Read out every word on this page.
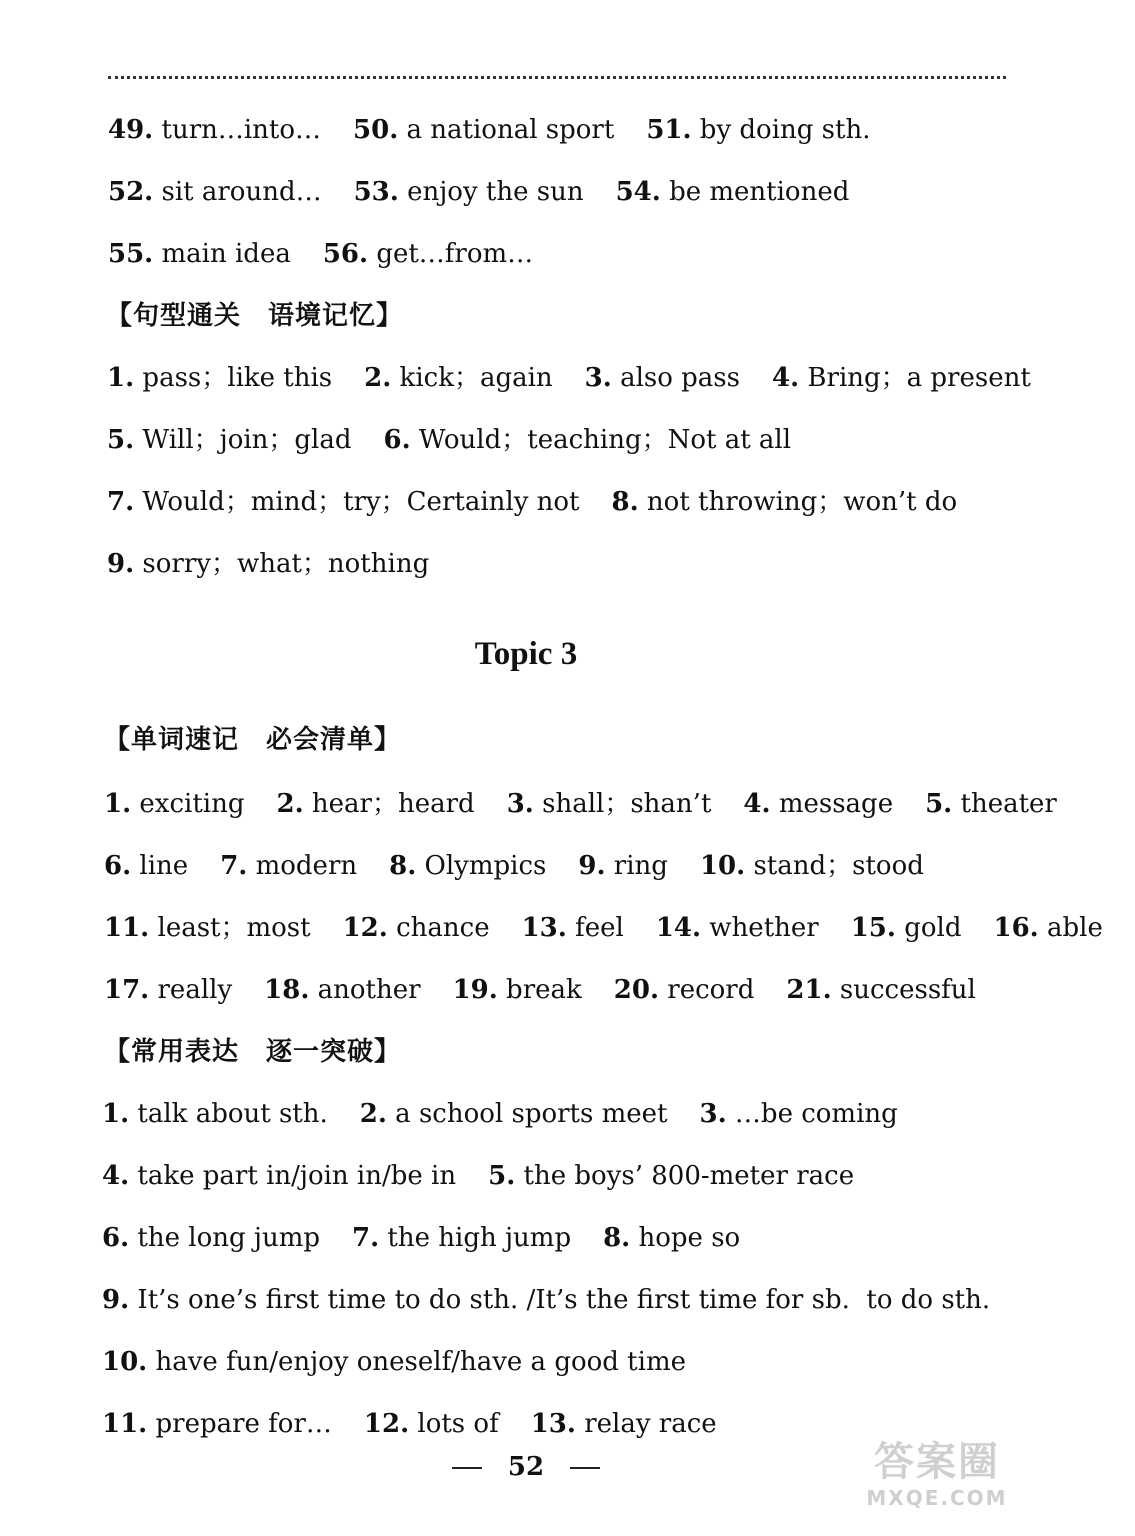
49. turn…into… 50. a national sport 51. by doing sth.
52. sit around… 53. enjoy the sun 54. be mentioned
55. main idea 56. get…from…
【句型通关　语境记忆】
1. pass；like this 2. kick；again 3. also pass 4. Bring；a present
5. Will；join；glad 6. Would；teaching；Not at all
7. Would；mind；try；Certainly not 8. not throwing；won’t do
9. sorry；what；nothing
Topic 3
【单词速记　必会清单】
1. exciting 2. hear；heard 3. shall；shan’t 4. message 5. theater
6. line 7. modern 8. Olympics 9. ring 10. stand；stood
11. least；most 12. chance 13. feel 14. whether 15. gold 16. able
17. really 18. another 19. break 20. record 21. successful
【常用表达　逐一突破】
1. talk about sth. 2. a school sports meet 3. …be coming
4. take part in/join in/be in 5. the boys’ 800-meter race
6. the long jump 7. the high jump 8. hope so
9. It’s one’s first time to do sth. /It’s the first time for sb.  to do sth.
10. have fun/enjoy oneself/have a good time
11. prepare for… 12. lots of 13. relay race
52	答案圈
MXQE.COM
